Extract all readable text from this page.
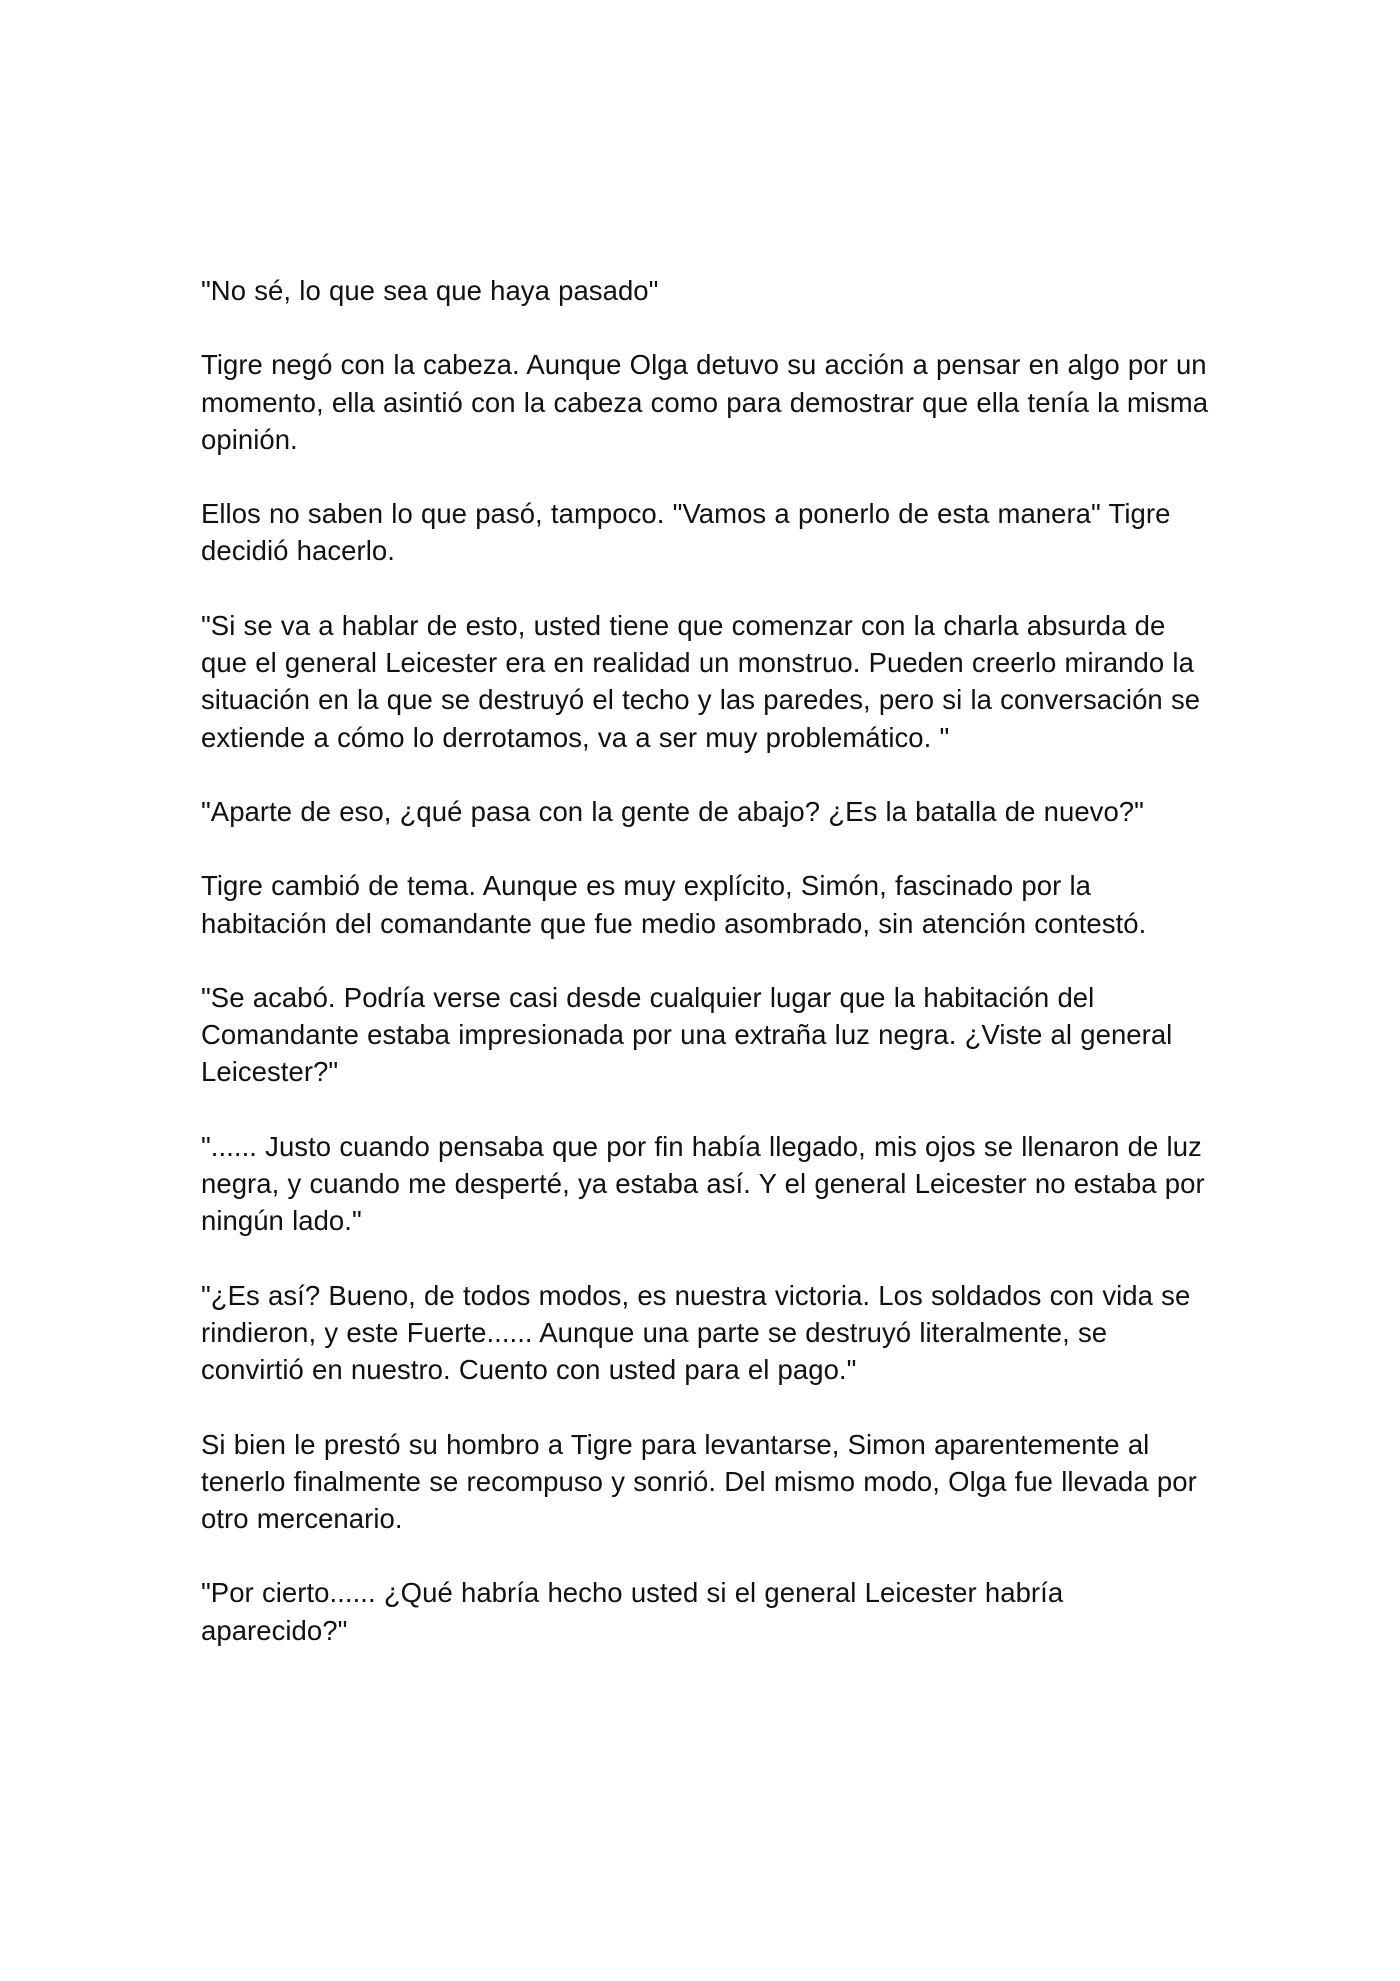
"No sé, lo que sea que haya pasado"

Tigre negó con la cabeza. Aunque Olga detuvo su acción a pensar en algo por un momento, ella asintió con la cabeza como para demostrar que ella tenía la misma opinión.

Ellos no saben lo que pasó, tampoco. "Vamos a ponerlo de esta manera" Tigre decidió hacerlo.

"Si se va a hablar de esto, usted tiene que comenzar con la charla absurda de que el general Leicester era en realidad un monstruo. Pueden creerlo mirando la situación en la que se destruyó el techo y las paredes, pero si la conversación se extiende a cómo lo derrotamos, va a ser muy problemático. "

"Aparte de eso, ¿qué pasa con la gente de abajo? ¿Es la batalla de nuevo?"

Tigre cambió de tema. Aunque es muy explícito, Simón, fascinado por la habitación del comandante que fue medio asombrado, sin atención contestó.

"Se acabó. Podría verse casi desde cualquier lugar que la habitación del Comandante estaba impresionada por una extraña luz negra. ¿Viste al general Leicester?"

"...... Justo cuando pensaba que por fin había llegado, mis ojos se llenaron de luz negra, y cuando me desperté, ya estaba así. Y el general Leicester no estaba por ningún lado."

"¿Es así? Bueno, de todos modos, es nuestra victoria. Los soldados con vida se rindieron, y este Fuerte...... Aunque una parte se destruyó literalmente, se convirtió en nuestro. Cuento con usted para el pago."

Si bien le prestó su hombro a Tigre para levantarse, Simon aparentemente al tenerlo finalmente se recompuso y sonrió. Del mismo modo, Olga fue llevada por otro mercenario.

"Por cierto...... ¿Qué habría hecho usted si el general Leicester habría aparecido?"
